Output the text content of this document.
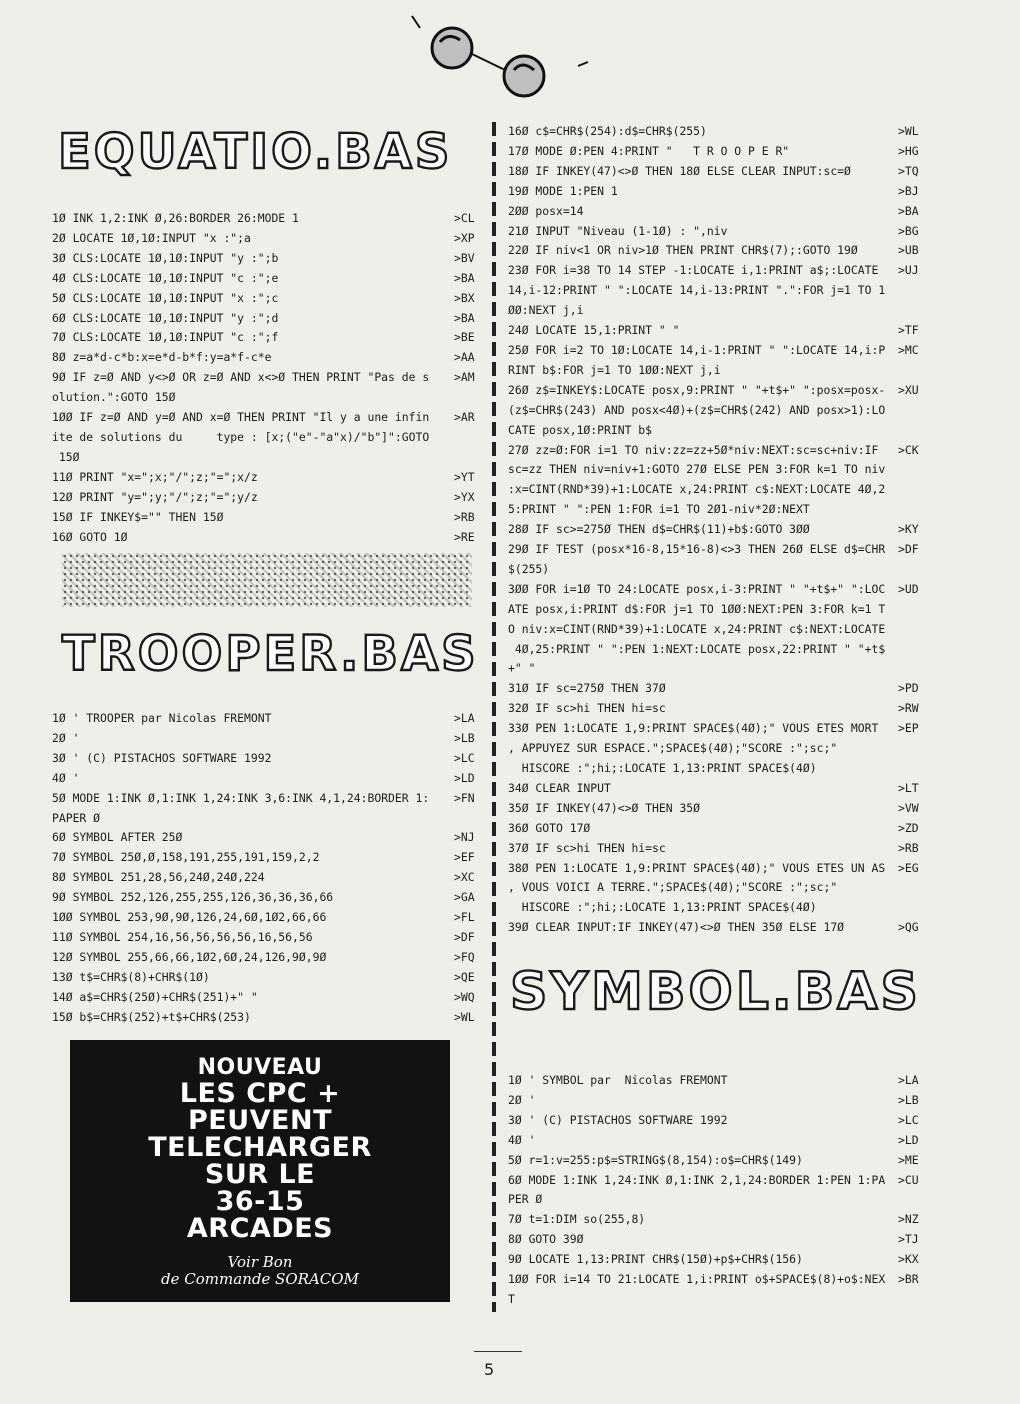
EQUATIO.BAS
1Ø INK 1,2:INK Ø,26:BORDER 26:MODE 1	>CL
2Ø LOCATE 1Ø,1Ø:INPUT "x :";a	>XP
3Ø CLS:LOCATE 1Ø,1Ø:INPUT "y :";b	>BV
4Ø CLS:LOCATE 1Ø,1Ø:INPUT "c :";e	>BA
5Ø CLS:LOCATE 1Ø,1Ø:INPUT "x :";c	>BX
6Ø CLS:LOCATE 1Ø,1Ø:INPUT "y :";d	>BA
7Ø CLS:LOCATE 1Ø,1Ø:INPUT "c :";f	>BE
8Ø z=a*d-c*b:x=e*d-b*f:y=a*f-c*e	>AA
9Ø IF z=Ø AND y<>Ø OR z=Ø AND x<>Ø THEN PRINT "Pas de s
olution.":GOTO 15Ø
>AM
1ØØ IF z=Ø AND y=Ø AND x=Ø THEN PRINT "Il y a une infin
ite de solutions du     type : [x;("e"-"a"x)/"b"]":GOTO
15Ø
>AR
11Ø PRINT "x=";x;"/";z;"=";x/z	>YT
12Ø PRINT "y=";y;"/";z;"=";y/z	>YX
15Ø IF INKEY$="" THEN 15Ø	>RB
16Ø GOTO 1Ø	>RE
TROOPER.BAS
1Ø ' TROOPER par Nicolas FREMONT	>LA
2Ø '	>LB
3Ø ' (C) PISTACHOS SOFTWARE 1992	>LC
4Ø '	>LD
5Ø MODE 1:INK Ø,1:INK 1,24:INK 3,6:INK 4,1,24:BORDER 1:
PAPER Ø
>FN
6Ø SYMBOL AFTER 25Ø	>NJ
7Ø SYMBOL 25Ø,Ø,158,191,255,191,159,2,2	>EF
8Ø SYMBOL 251,28,56,24Ø,24Ø,224	>XC
9Ø SYMBOL 252,126,255,255,126,36,36,36,66	>GA
1ØØ SYMBOL 253,9Ø,9Ø,126,24,6Ø,1Ø2,66,66	>FL
11Ø SYMBOL 254,16,56,56,56,56,16,56,56	>DF
12Ø SYMBOL 255,66,66,1Ø2,6Ø,24,126,9Ø,9Ø	>FQ
13Ø t$=CHR$(8)+CHR$(1Ø)	>QE
14Ø a$=CHR$(25Ø)+CHR$(251)+" "	>WQ
15Ø b$=CHR$(252)+t$+CHR$(253)	>WL
NOUVEAU
LES CPC +
PEUVENT
TELECHARGER
SUR LE
36-15
ARCADES
Voir Bon
de Commande SORACOM
16Ø c$=CHR$(254):d$=CHR$(255)	>WL
17Ø MODE Ø:PEN 4:PRINT "   T R O O P E R"	>HG
18Ø IF INKEY(47)<>Ø THEN 18Ø ELSE CLEAR INPUT:sc=Ø	>TQ
19Ø MODE 1:PEN 1	>BJ
2ØØ posx=14	>BA
21Ø INPUT "Niveau (1-1Ø) : ",niv	>BG
22Ø IF niv<1 OR niv>1Ø THEN PRINT CHR$(7);:GOTO 19Ø	>UB
23Ø FOR i=38 TO 14 STEP -1:LOCATE i,1:PRINT a$;:LOCATE
14,i-12:PRINT " ":LOCATE 14,i-13:PRINT ".":FOR j=1 TO 1
ØØ:NEXT j,i
>UJ
24Ø LOCATE 15,1:PRINT " "	>TF
25Ø FOR i=2 TO 1Ø:LOCATE 14,i-1:PRINT " ":LOCATE 14,i:P
RINT b$:FOR j=1 TO 1ØØ:NEXT j,i
>MC
26Ø z$=INKEY$:LOCATE posx,9:PRINT " "+t$+" ":posx=posx-
(z$=CHR$(243) AND posx<4Ø)+(z$=CHR$(242) AND posx>1):LO
CATE posx,1Ø:PRINT b$
>XU
27Ø zz=Ø:FOR i=1 TO niv:zz=zz+5Ø*niv:NEXT:sc=sc+niv:IF
sc=zz THEN niv=niv+1:GOTO 27Ø ELSE PEN 3:FOR k=1 TO niv
:x=CINT(RND*39)+1:LOCATE x,24:PRINT c$:NEXT:LOCATE 4Ø,2
5:PRINT " ":PEN 1:FOR i=1 TO 2Ø1-niv*2Ø:NEXT
>CK
28Ø IF sc>=275Ø THEN d$=CHR$(11)+b$:GOTO 3ØØ	>KY
29Ø IF TEST (posx*16-8,15*16-8)<>3 THEN 26Ø ELSE d$=CHR
$(255)
>DF
3ØØ FOR i=1Ø TO 24:LOCATE posx,i-3:PRINT " "+t$+" ":LOC
ATE posx,i:PRINT d$:FOR j=1 TO 1ØØ:NEXT:PEN 3:FOR k=1 T
O niv:x=CINT(RND*39)+1:LOCATE x,24:PRINT c$:NEXT:LOCATE
4Ø,25:PRINT " ":PEN 1:NEXT:LOCATE posx,22:PRINT " "+t$
+" "
>UD
31Ø IF sc=275Ø THEN 37Ø	>PD
32Ø IF sc>hi THEN hi=sc	>RW
33Ø PEN 1:LOCATE 1,9:PRINT SPACE$(4Ø);" VOUS ETES MORT
, APPUYEZ SUR ESPACE.";SPACE$(4Ø);"SCORE :";sc;"
HISCORE :";hi;:LOCATE 1,13:PRINT SPACE$(4Ø)
>EP
34Ø CLEAR INPUT	>LT
35Ø IF INKEY(47)<>Ø THEN 35Ø	>VW
36Ø GOTO 17Ø	>ZD
37Ø IF sc>hi THEN hi=sc	>RB
38Ø PEN 1:LOCATE 1,9:PRINT SPACE$(4Ø);" VOUS ETES UN AS
, VOUS VOICI A TERRE.";SPACE$(4Ø);"SCORE :";sc;"
HISCORE :";hi;:LOCATE 1,13:PRINT SPACE$(4Ø)
>EG
39Ø CLEAR INPUT:IF INKEY(47)<>Ø THEN 35Ø ELSE 17Ø	>QG
SYMBOL.BAS
1Ø ' SYMBOL par  Nicolas FREMONT	>LA
2Ø '	>LB
3Ø ' (C) PISTACHOS SOFTWARE 1992	>LC
4Ø '	>LD
5Ø r=1:v=255:p$=STRING$(8,154):o$=CHR$(149)	>ME
6Ø MODE 1:INK 1,24:INK Ø,1:INK 2,1,24:BORDER 1:PEN 1:PA
PER Ø
>CU
7Ø t=1:DIM so(255,8)	>NZ
8Ø GOTO 39Ø	>TJ
9Ø LOCATE 1,13:PRINT CHR$(15Ø)+p$+CHR$(156)	>KX
1ØØ FOR i=14 TO 21:LOCATE 1,i:PRINT o$+SPACE$(8)+o$:NEX
T
>BR
5
